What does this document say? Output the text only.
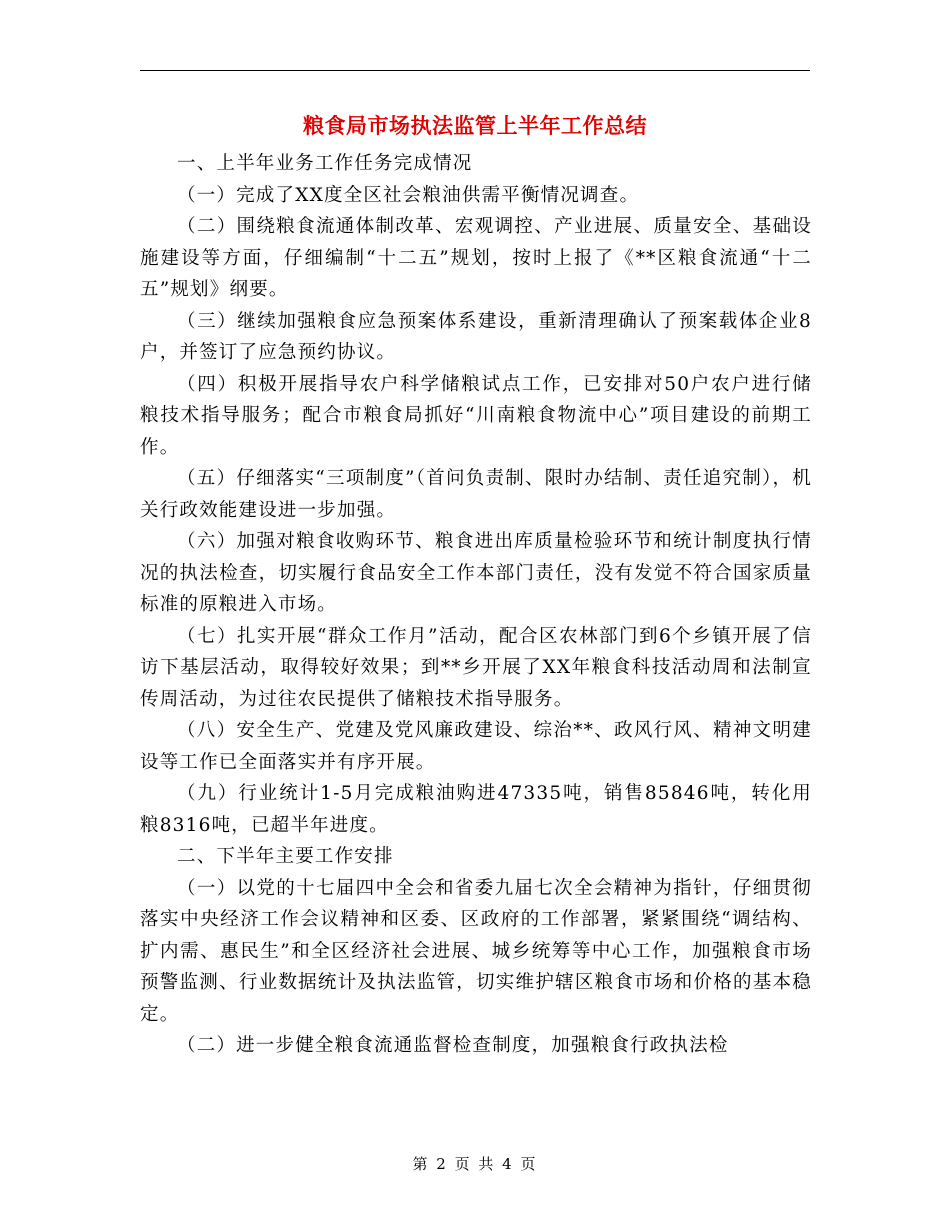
粮食局市场执法监管上半年工作总结

一、上半年业务工作任务完成情况

（一）完成了XX度全区社会粮油供需平衡情况调查。

（二）围绕粮食流通体制改革、宏观调控、产业进展、质量安全、基础设施建设等方面，仔细编制“十二五”规划，按时上报了《**区粮食流通“十二五”规划》纲要。

（三）继续加强粮食应急预案体系建设，重新清理确认了预案载体企业8户，并签订了应急预约协议。

（四）积极开展指导农户科学储粮试点工作，已安排对50户农户进行储粮技术指导服务；配合市粮食局抓好“川南粮食物流中心”项目建设的前期工作。

（五）仔细落实“三项制度”（首问负责制、限时办结制、责任追究制），机关行政效能建设进一步加强。

（六）加强对粮食收购环节、粮食进出库质量检验环节和统计制度执行情况的执法检查，切实履行食品安全工作本部门责任，没有发觉不符合国家质量标准的原粮进入市场。

（七）扎实开展“群众工作月”活动，配合区农林部门到6个乡镇开展了信访下基层活动，取得较好效果；到**乡开展了XX年粮食科技活动周和法制宣传周活动，为过往农民提供了储粮技术指导服务。

（八）安全生产、党建及党风廉政建设、综治**、政风行风、精神文明建设等工作已全面落实并有序开展。

（九）行业统计1-5月完成粮油购进47335吨，销售85846吨，转化用粮8316吨，已超半年进度。

二、下半年主要工作安排

（一）以党的十七届四中全会和省委九届七次全会精神为指针，仔细贯彻落实中央经济工作会议精神和区委、区政府的工作部署，紧紧围绕“调结构、扩内需、惠民生”和全区经济社会进展、城乡统筹等中心工作，加强粮食市场预警监测、行业数据统计及执法监管，切实维护辖区粮食市场和价格的基本稳定。

（二）进一步健全粮食流通监督检查制度，加强粮食行政执法检

第 2 页 共 4 页
